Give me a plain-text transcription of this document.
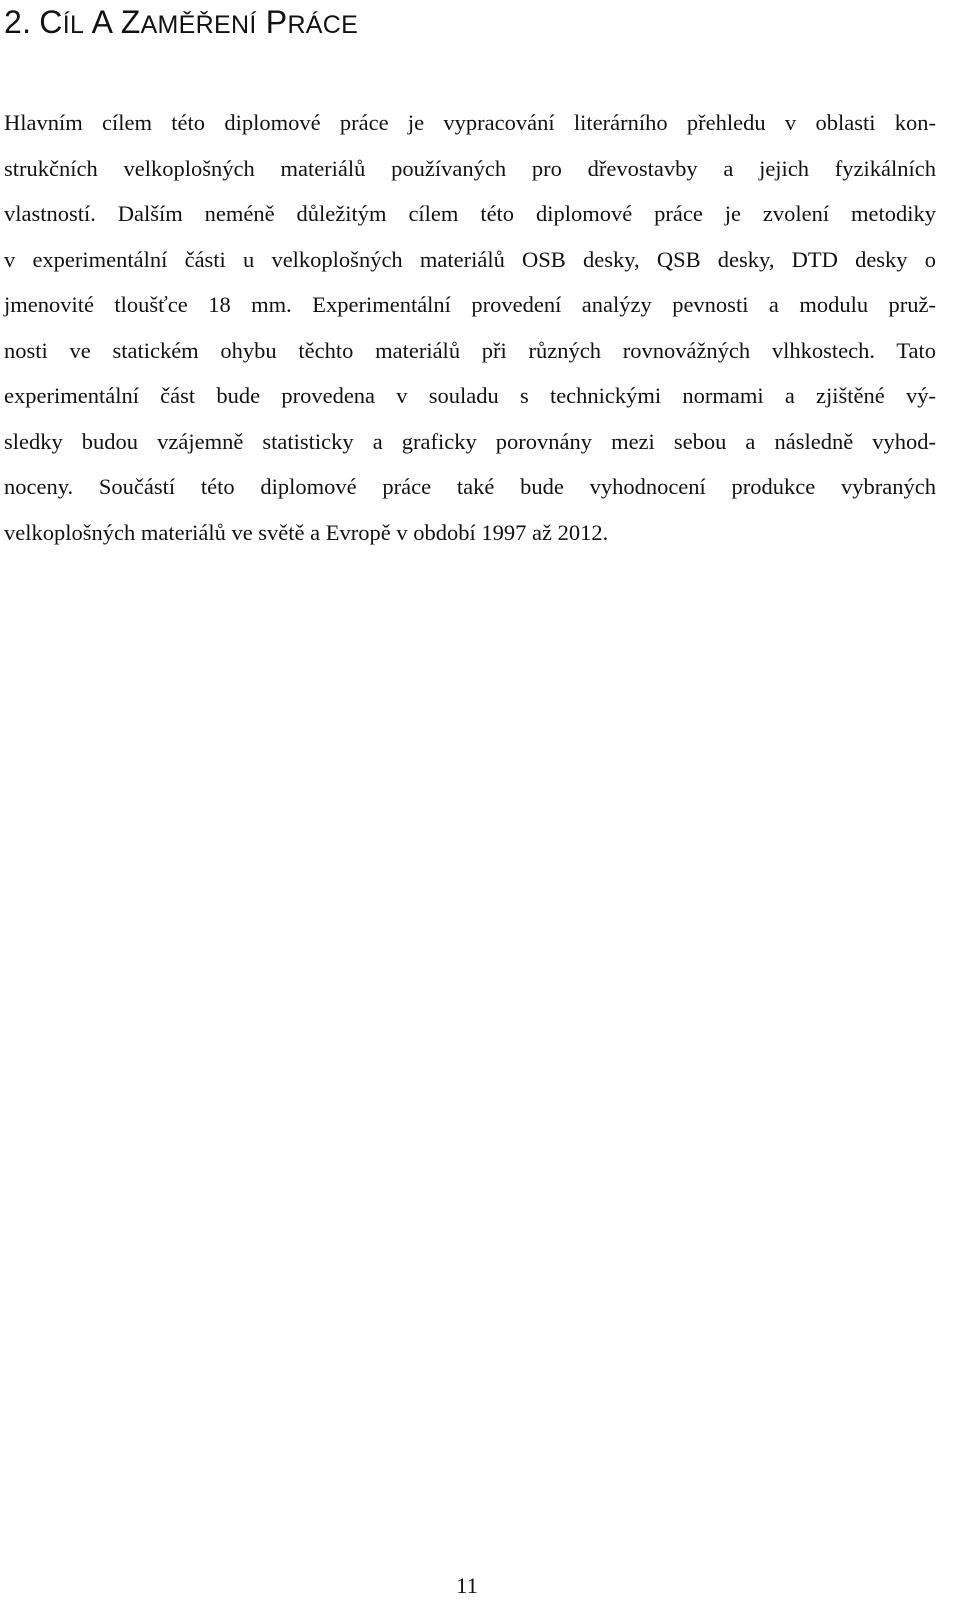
2. CÍL A ZAMĚŘENÍ PRÁCE
Hlavním cílem této diplomové práce je vypracování literárního přehledu v oblasti kon-
strukčních velkoplošných materiálů používaných pro dřevostavby a jejich fyzikálních
vlastností. Dalším neméně důležitým cílem této diplomové práce je zvolení metodiky
v experimentální části u velkoplošných materiálů OSB desky, QSB desky, DTD desky o
jmenovité tloušťce 18 mm. Experimentální provedení analýzy pevnosti a modulu pruž-
nosti ve statickém ohybu těchto materiálů při různých rovnovážných vlhkostech. Tato
experimentální část bude provedena v souladu s technickými normami a zjištěné vý-
sledky budou vzájemně statisticky a graficky porovnány mezi sebou a následně vyhod-
noceny. Součástí této diplomové práce také bude vyhodnocení produkce vybraných
velkoplošných materiálů ve světě a Evropě v období 1997 až 2012.
11
